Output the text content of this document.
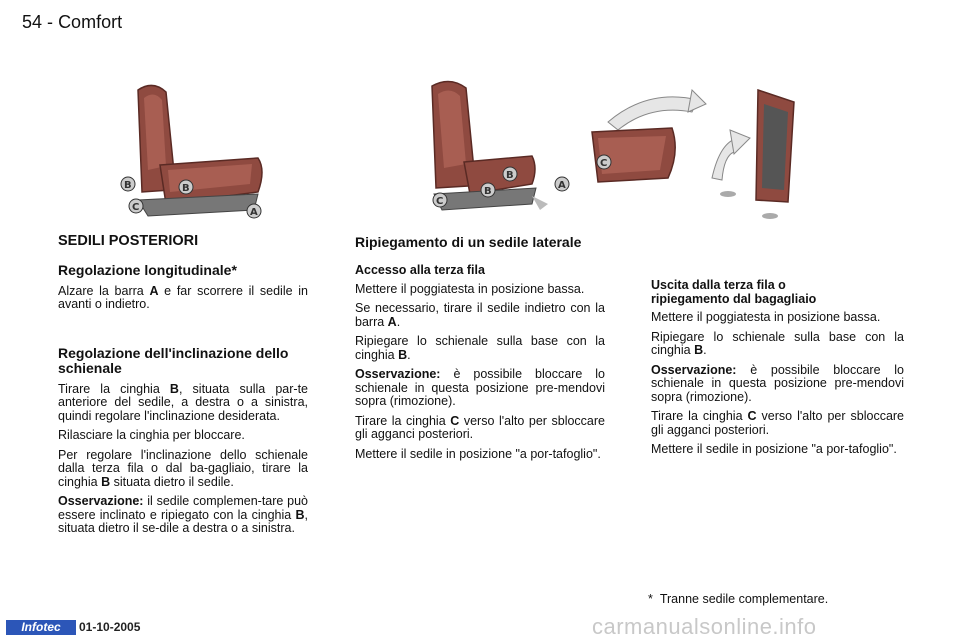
54 - Comfort
B	B
C	A
C
B
B
A
C
SEDILI POSTERIORI
Regolazione longitudinale*

Alzare la barra A e far scorrere il sedile in avanti o indietro.

Regolazione dell'inclinazione dello schienale

Tirare la cinghia B, situata sulla par-te anteriore del sedile, a destra o a sinistra, quindi regolare l'inclinazione desiderata.

Rilasciare la cinghia per bloccare.

Per regolare l'inclinazione dello schienale dalla terza fila o dal ba-gagliaio, tirare la cinghia B situata dietro il sedile.

Osservazione: il sedile complemen-tare può essere inclinato e ripiegato con la cinghia B, situata dietro il se-dile a destra o a sinistra.

Ripiegamento di un sedile laterale
Accesso alla terza fila

Mettere il poggiatesta in posizione bassa.

Se necessario, tirare il sedile indietro con la barra A.

Ripiegare lo schienale sulla base con la cinghia B.

Osservazione: è possibile bloccare lo schienale in questa posizione pre-mendovi sopra (rimozione).

Tirare la cinghia C verso l'alto per sbloccare gli agganci posteriori.

Mettere il sedile in posizione "a por-tafoglio".

Uscita dalla terza fila o ripiegamento dal bagagliaio

Mettere il poggiatesta in posizione bassa.

Ripiegare lo schienale sulla base con la cinghia B.

Osservazione: è possibile bloccare lo schienale in questa posizione pre-mendovi sopra (rimozione).

Tirare la cinghia C verso l'alto per sbloccare gli agganci posteriori.

Mettere il sedile in posizione "a por-tafoglio".

* Tranne sedile complementare.
Infotec	01-10-2005	carmanualsonline.info
